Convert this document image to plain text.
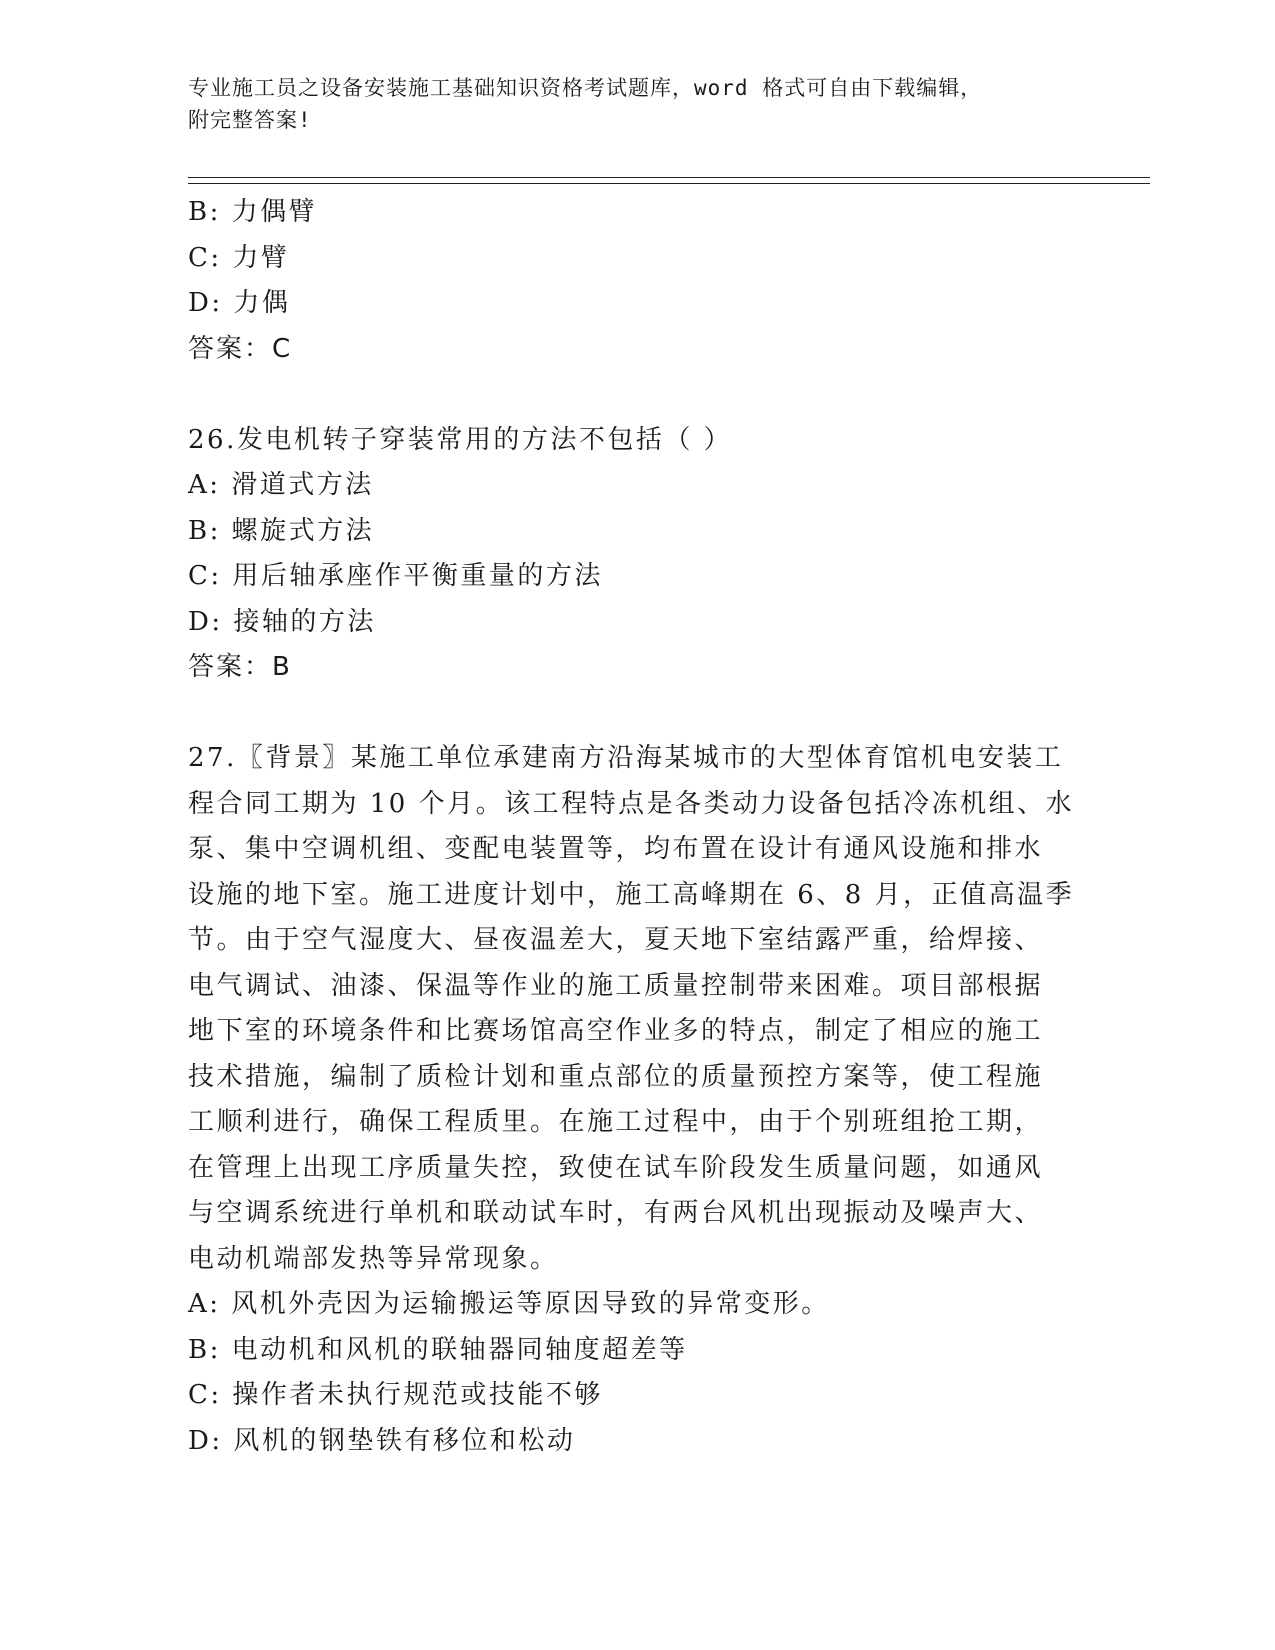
专业施工员之设备安装施工基础知识资格考试题库，word 格式可自由下载编辑，
附完整答案!
B: 力偶臂
C: 力臂
D: 力偶
答案：C
26.发电机转子穿装常用的方法不包括（ ）
A: 滑道式方法
B: 螺旋式方法
C: 用后轴承座作平衡重量的方法
D: 接轴的方法
答案：B
27.〖背景〗某施工单位承建南方沿海某城市的大型体育馆机电安装工
程合同工期为 10 个月。该工程特点是各类动力设备包括冷冻机组、水
泵、集中空调机组、变配电装置等，均布置在设计有通风设施和排水
设施的地下室。施工进度计划中，施工高峰期在 6、8 月，正值高温季
节。由于空气湿度大、昼夜温差大，夏天地下室结露严重，给焊接、
电气调试、油漆、保温等作业的施工质量控制带来困难。项目部根据
地下室的环境条件和比赛场馆高空作业多的特点，制定了相应的施工
技术措施，编制了质检计划和重点部位的质量预控方案等，使工程施
工顺利进行，确保工程质里。在施工过程中，由于个别班组抢工期，
在管理上出现工序质量失控，致使在试车阶段发生质量问题，如通风
与空调系统进行单机和联动试车时，有两台风机出现振动及噪声大、
电动机端部发热等异常现象。
A: 风机外壳因为运输搬运等原因导致的异常变形。
B: 电动机和风机的联轴器同轴度超差等
C: 操作者未执行规范或技能不够
D: 风机的钢垫铁有移位和松动
